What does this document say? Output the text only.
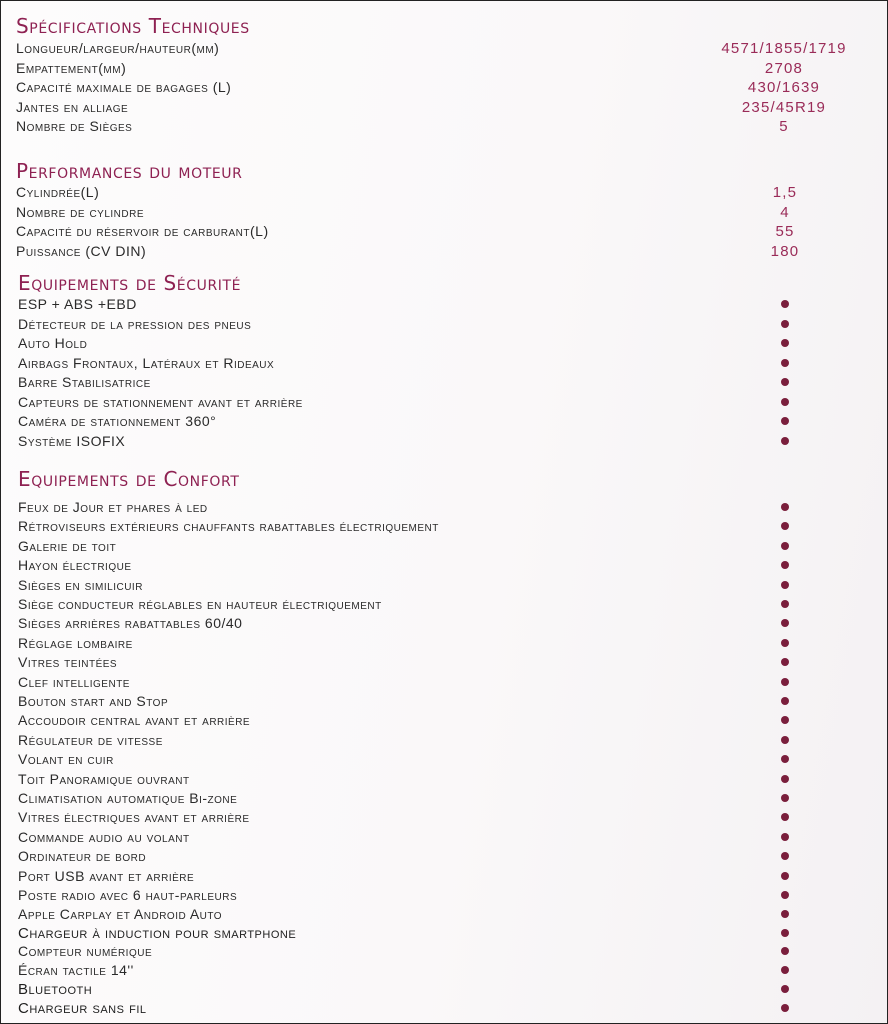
Spécifications Techniques
Longueur/largeur/hauteur(mm)	4571/1855/1719
Empattement(mm)	2708
Capacité maximale de bagages (L)	430/1639
Jantes en alliage	235/45R19
Nombre de Sièges	5
Performances du moteur
Cylindrée(L)	1,5
Nombre de cylindre	4
Capacité du réservoir de carburant(L)	55
Puissance (CV DIN)	180
Equipements de Sécurité
ESP + ABS +EBD
Détecteur de la pression des pneus
Auto Hold
Airbags Frontaux, Latéraux et Rideaux
Barre Stabilisatrice
Capteurs de stationnement avant et arrière
Caméra de stationnement 360°
Système ISOFIX
Equipements de Confort
Feux de Jour et phares à led
Rétroviseurs extérieurs chauffants rabattables électriquement
Galerie de toit
Hayon électrique
Sièges en similicuir
Siège conducteur réglables en hauteur électriquement
Sièges arrières rabattables 60/40
Réglage lombaire
Vitres teintées
Clef intelligente
Bouton start and Stop
Accoudoir central avant et arrière
Régulateur de vitesse
Volant en cuir
Toit Panoramique ouvrant
Climatisation automatique Bi-zone
Vitres électriques avant et arrière
Commande audio au volant
Ordinateur de bord
Port USB avant et arrière
Poste radio avec 6 haut-parleurs
Apple Carplay et Android Auto
Chargeur à induction pour smartphone
Compteur numérique
Écran tactile 14''
Bluetooth
Chargeur sans fil
